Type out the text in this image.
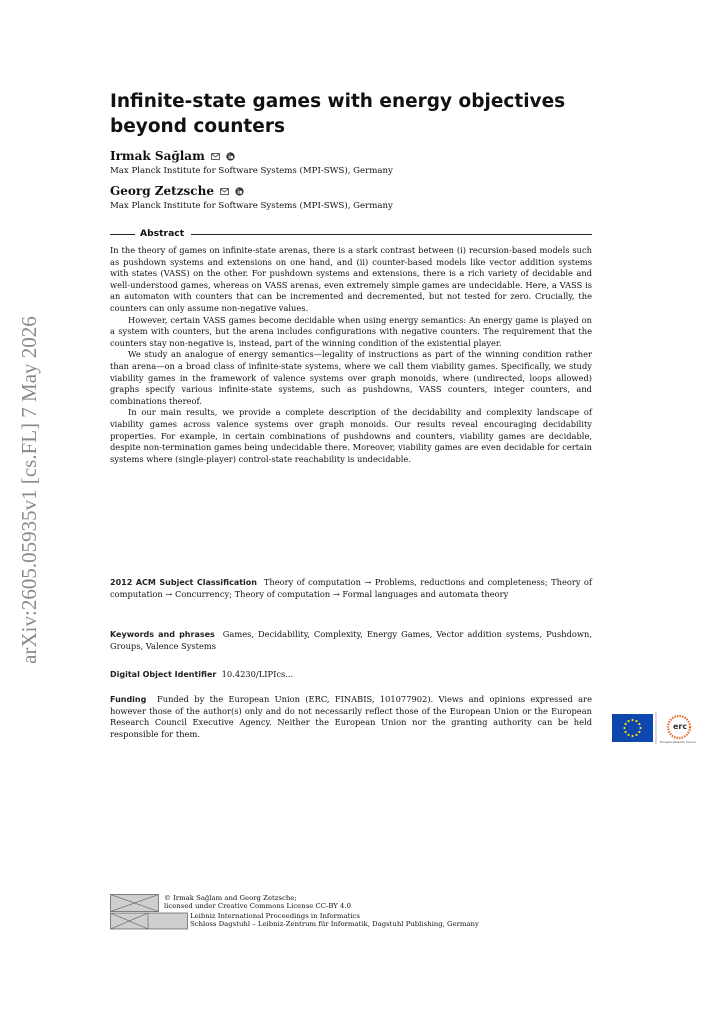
arXiv:2605.05935v1 [cs.FL] 7 May 2026
Infinite-state games with energy objectives beyond counters
Irmak Sağlam
Max Planck Institute for Software Systems (MPI-SWS), Germany
Georg Zetzsche
Max Planck Institute for Software Systems (MPI-SWS), Germany
Abstract

In the theory of games on infinite-state arenas, there is a stark contrast between (i) recursion-based models such as pushdown systems and extensions on one hand, and (ii) counter-based models like vector addition systems with states (VASS) on the other. For pushdown systems and extensions, there is a rich variety of decidable and well-understood games, whereas on VASS arenas, even extremely simple games are undecidable. Here, a VASS is an automaton with counters that can be incremented and decremented, but not tested for zero. Crucially, the counters can only assume non-negative values.

However, certain VASS games become decidable when using energy semantics: An energy game is played on a system with counters, but the arena includes configurations with negative counters. The requirement that the counters stay non-negative is, instead, part of the winning condition of the existential player.

We study an analogue of energy semantics—legality of instructions as part of the winning condition rather than arena—on a broad class of infinite-state systems, where we call them viability games. Specifically, we study viability games in the framework of valence systems over graph monoids, where (undirected, loops allowed) graphs specify various infinite-state systems, such as pushdowns, VASS counters, integer counters, and combinations thereof.

In our main results, we provide a complete description of the decidability and complexity landscape of viability games across valence systems over graph monoids. Our results reveal encouraging decidability properties. For example, in certain combinations of pushdowns and counters, viability games are decidable, despite non-termination games being undecidable there. Moreover, viability games are even decidable for certain systems where (single-player) control-state reachability is undecidable.

2012 ACM Subject Classification Theory of computation → Problems, reductions and completeness; Theory of computation → Concurrency; Theory of computation → Formal languages and automata theory
Keywords and phrases Games, Decidability, Complexity, Energy Games, Vector addition systems, Pushdown, Groups, Valence Systems
Digital Object Identifier 10.4230/LIPIcs...
Funding Funded by the European Union (ERC, FINABIS, 101077902). Views and opinions expressed are however those of the author(s) only and do not necessarily reflect those of the European Union or the European Research Council Executive Agency. Neither the European Union nor the granting authority can be held responsible for them.
erc
European Research Council
© Irmak Sağlam and Georg Zetzsche;
licensed under Creative Commons License CC-BY 4.0
Leibniz International Proceedings in Informatics
Schloss Dagstuhl – Leibniz-Zentrum für Informatik, Dagstuhl Publishing, Germany
